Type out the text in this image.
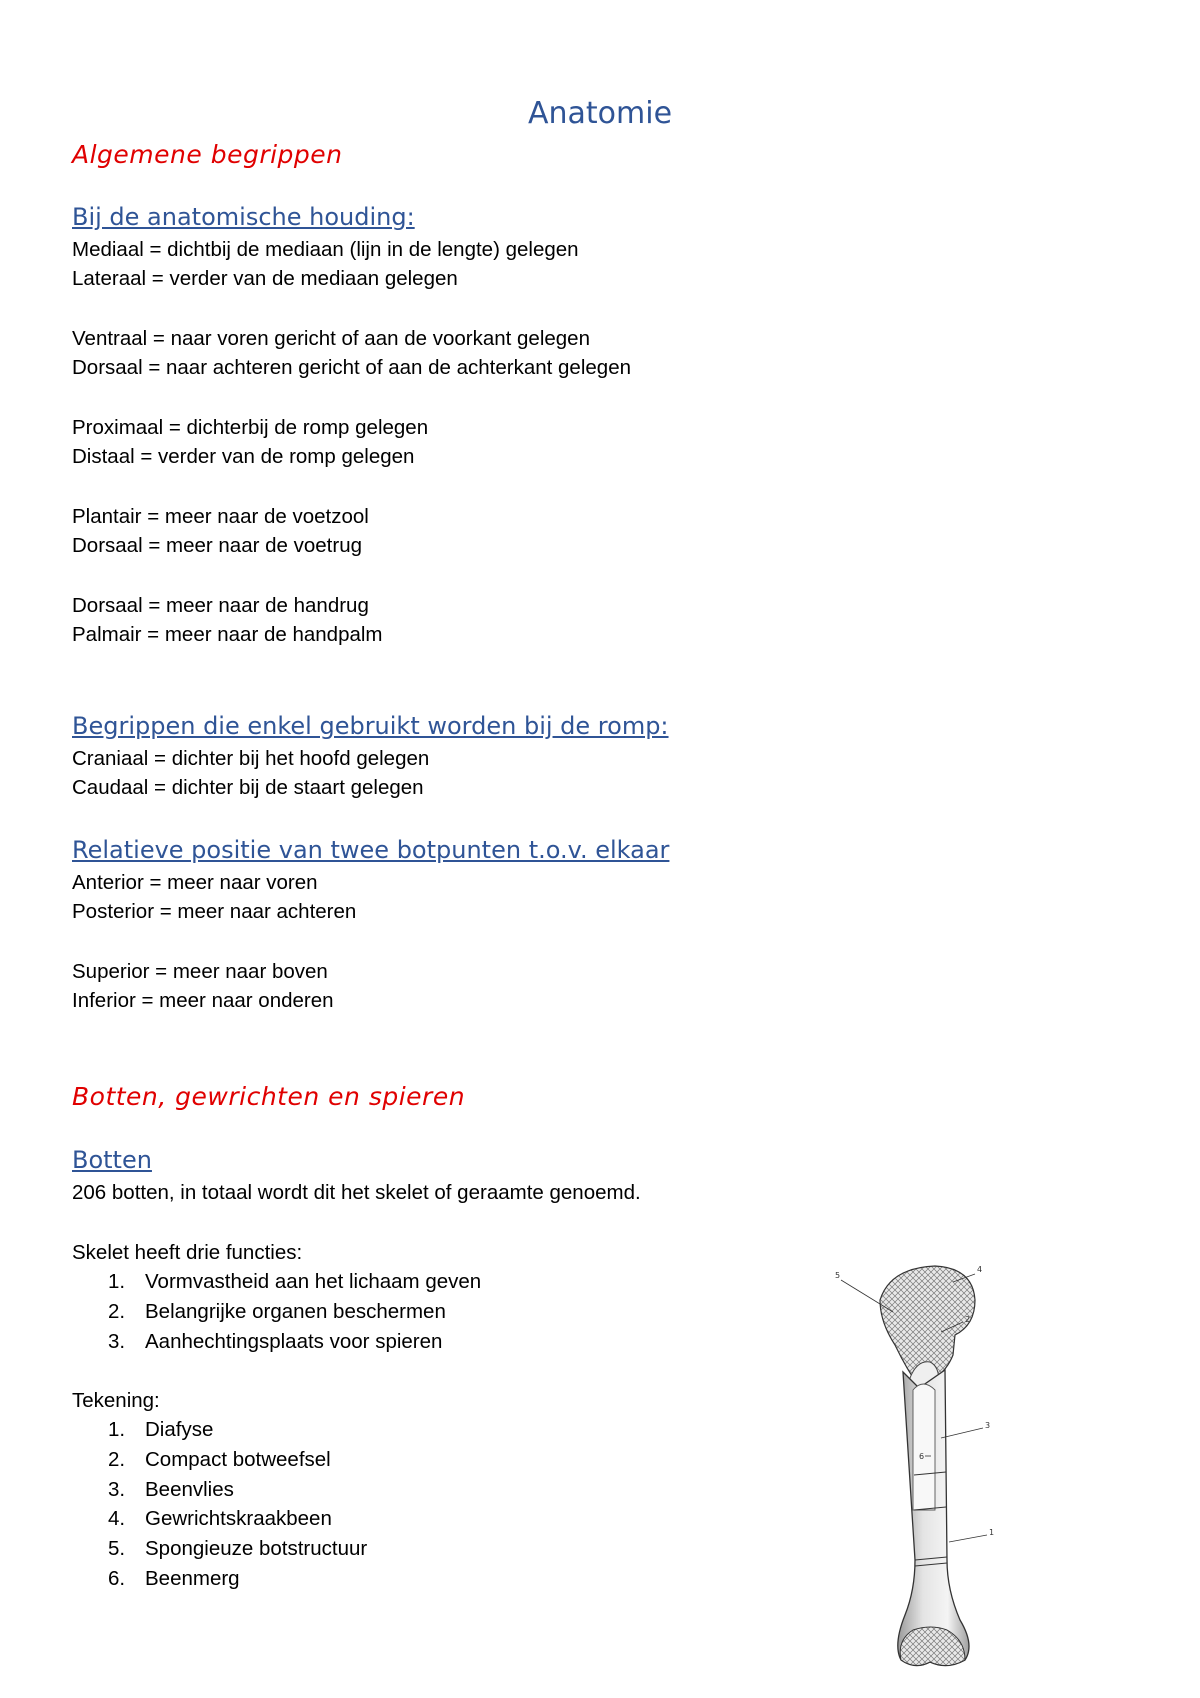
Anatomie
Algemene begrippen
Bij de anatomische houding:

Mediaal = dichtbij de mediaan (lijn in de lengte) gelegen

Lateraal = verder van de mediaan gelegen

Ventraal = naar voren gericht of aan de voorkant gelegen

Dorsaal = naar achteren gericht of aan de achterkant gelegen

Proximaal = dichterbij de romp gelegen

Distaal = verder van de romp gelegen

Plantair = meer naar de voetzool

Dorsaal = meer naar de voetrug

Dorsaal = meer naar de handrug

Palmair = meer naar de handpalm

Begrippen die enkel gebruikt worden bij de romp:

Craniaal = dichter bij het hoofd gelegen

Caudaal = dichter bij de staart gelegen

Relatieve positie van twee botpunten t.o.v. elkaar

Anterior = meer naar voren

Posterior = meer naar achteren

Superior = meer naar boven

Inferior = meer naar onderen

Botten, gewrichten en spieren
Botten

206 botten, in totaal wordt dit het skelet of geraamte genoemd.

Skelet heeft drie functies:

1. Vormvastheid aan het lichaam geven
2. Belangrijke organen beschermen
3. Aanhechtingsplaats voor spieren

Tekening:

1. Diafyse
2. Compact botweefsel
3. Beenvlies
4. Gewrichtskraakbeen
5. Spongieuze botstructuur
6. Beenmerg
5
4
2
3
6
1
